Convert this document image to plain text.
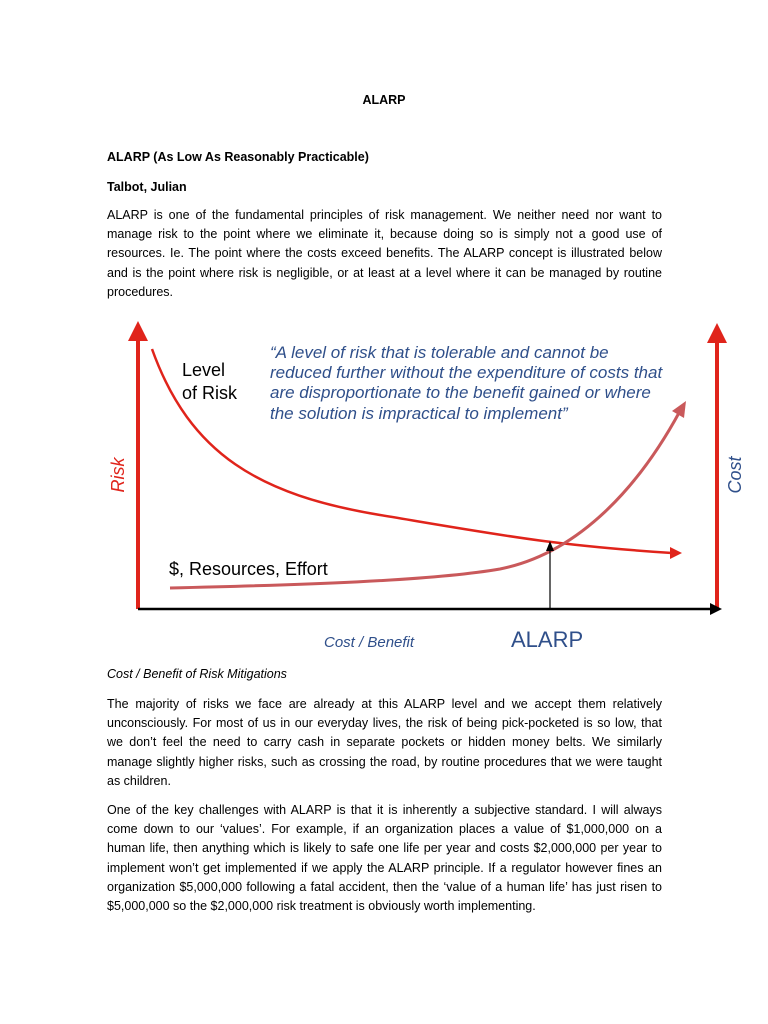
ALARP
ALARP (As Low As Reasonably Practicable)
Talbot, Julian

ALARP is one of the fundamental principles of risk management. We neither need nor want to manage risk to the point where we eliminate it, because doing so is simply not a good use of resources. Ie. The point where the costs exceed benefits. The ALARP concept is illustrated below and is the point where risk is negligible, or at least at a level where it can be managed by routine procedures.

“A level of risk that is tolerable and cannot be
reduced further without the expenditure of costs that
are disproportionate to the benefit gained or where
the solution is impractical to implement”
Level
of Risk
$, Resources, Effort
Risk	Cost
Cost / Benefit	ALARP
Cost / Benefit of Risk Mitigations

The majority of risks we face are already at this ALARP level and we accept them relatively unconsciously. For most of us in our everyday lives, the risk of being pick-pocketed is so low, that we don’t feel the need to carry cash in separate pockets or hidden money belts. We similarly manage slightly higher risks, such as crossing the road, by routine procedures that we were taught as children.

One of the key challenges with ALARP is that it is inherently a subjective standard. I will always come down to our ‘values’. For example, if an organization places a value of $1,000,000 on a human life, then anything which is likely to safe one life per year and costs $2,000,000 per year to implement won’t get implemented if we apply the ALARP principle. If a regulator however fines an organization $5,000,000 following a fatal accident, then the ‘value of a human life’ has just risen to $5,000,000 so the $2,000,000 risk treatment is obviously worth implementing.
